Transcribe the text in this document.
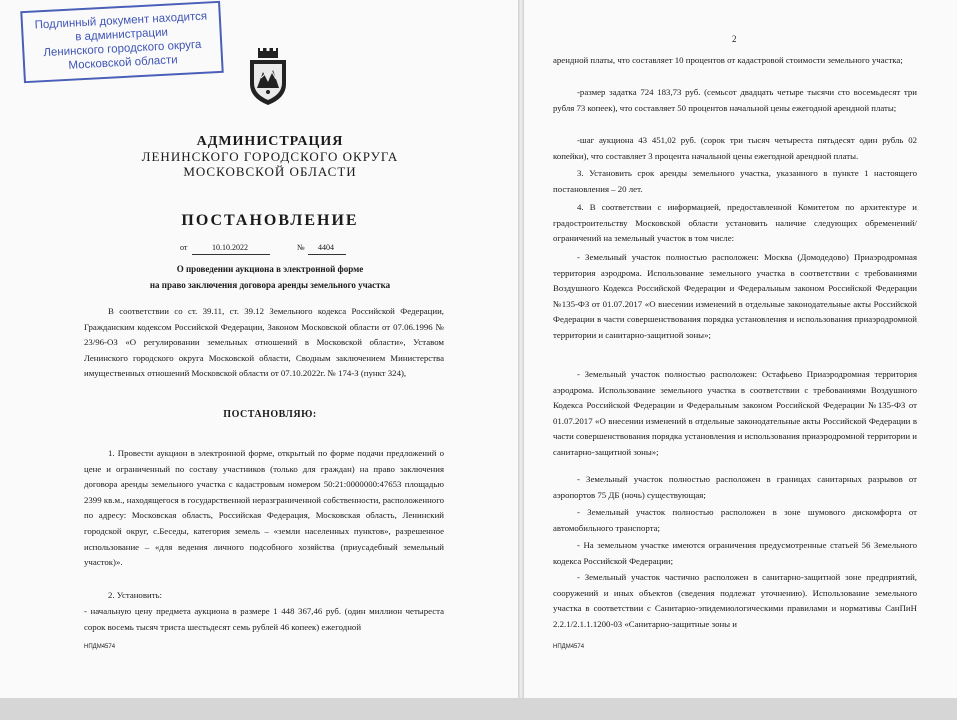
Подлинный документ находится
в администрации
Ленинского городского округа
Московской области
АДМИНИСТРАЦИЯ
ЛЕНИНСКОГО ГОРОДСКОГО ОКРУГА
МОСКОВСКОЙ ОБЛАСТИ
ПОСТАНОВЛЕНИЕ
от	10.10.2022	№ 4404
О проведении аукциона в электронной форме
на право заключения договора аренды земельного участка
В соответствии со ст. 39.11, ст. 39.12 Земельного кодекса Российской Федерации, Гражданским кодексом Российской Федерации, Законом Московской области от 07.06.1996 № 23/96-ОЗ «О регулировании земельных отношений в Московской области», Уставом Ленинского городского округа Московской области, Сводным заключением Министерства имущественных отношений Московской области от 07.10.2022г. № 174-З (пункт 324),
ПОСТАНОВЛЯЮ:
1. Провести аукцион в электронной форме, открытый по форме подачи предложений о цене и ограниченный по составу участников (только для граждан) на право заключения договора аренды земельного участка с кадастровым номером 50:21:0000000:47653 площадью 2399 кв.м., находящегося в государственной неразграниченной собственности, расположенного по адресу: Московская область, Российская Федерация, Московская область, Ленинский городской округ, с.Беседы, категория земель – «земли населенных пунктов», разрешенное использование – «для ведения личного подсобного хозяйства (приусадебный земельный участок)».
2. Установить:
- начальную цену предмета аукциона в размере 1 448 367,46 руб. (один миллион четыреста сорок восемь тысяч триста шестьдесят семь рублей 46 копеек) ежегодной
НПДМ4574
2
арендной платы, что составляет 10 процентов от кадастровой стоимости земельного участка;
-размер задатка 724 183,73 руб. (семьсот двадцать четыре тысячи сто восемьдесят три рубля 73 копеек), что составляет 50 процентов начальной цены ежегодной арендной платы;
-шаг аукциона 43 451,02 руб. (сорок три тысяч четыреста пятьдесят один рубль 02 копейки), что составляет 3 процента начальной цены ежегодной арендной платы.
3. Установить срок аренды земельного участка, указанного в пункте 1 настоящего постановления – 20 лет.
4. В соответствии с информацией, предоставленной Комитетом по архитектуре и градостроительству Московской области установить наличие следующих обременений/ограничений на земельный участок в том числе:
- Земельный участок полностью расположен: Москва (Домодедово) Приаэродромная территория аэродрома. Использование земельного участка в соответствии с требованиями Воздушного Кодекса Российской Федерации и Федеральным законом Российской Федерации №135-ФЗ от 01.07.2017 «О внесении изменений в отдельные законодательные акты Российской Федерации в части совершенствования порядка установления и использования приаэродромной территории и санитарно-защитной зоны»;
- Земельный участок полностью расположен: Остафьево Приаэродромная территория аэродрома. Использование земельного участка в соответствии с требованиями Воздушного Кодекса Российской Федерации и Федеральным законом Российской Федерации №135-ФЗ от 01.07.2017 «О внесении изменений в отдельные законодательные акты Российской Федерации в части совершенствования порядка установления и использования приаэродромной территории и санитарно-защитной зоны»;
- Земельный участок полностью расположен в границах санитарных разрывов от аэропортов 75 ДБ (ночь) существующая;
- Земельный участок полностью расположен в зоне шумового дискомфорта от автомобильного транспорта;
- На земельном участке имеются ограничения предусмотренные статьей 56 Земельного кодекса Российской Федерации;
- Земельный участок частично расположен в санитарно-защитной зоне предприятий, сооружений и иных объектов (сведения подлежат уточнению). Использование земельного участка в соответствии с Санитарно-эпидемиологическими правилами и нормативы СанПиН 2.2.1/2.1.1.1200-03 «Санитарно-защитные зоны и
НПДМ4574
